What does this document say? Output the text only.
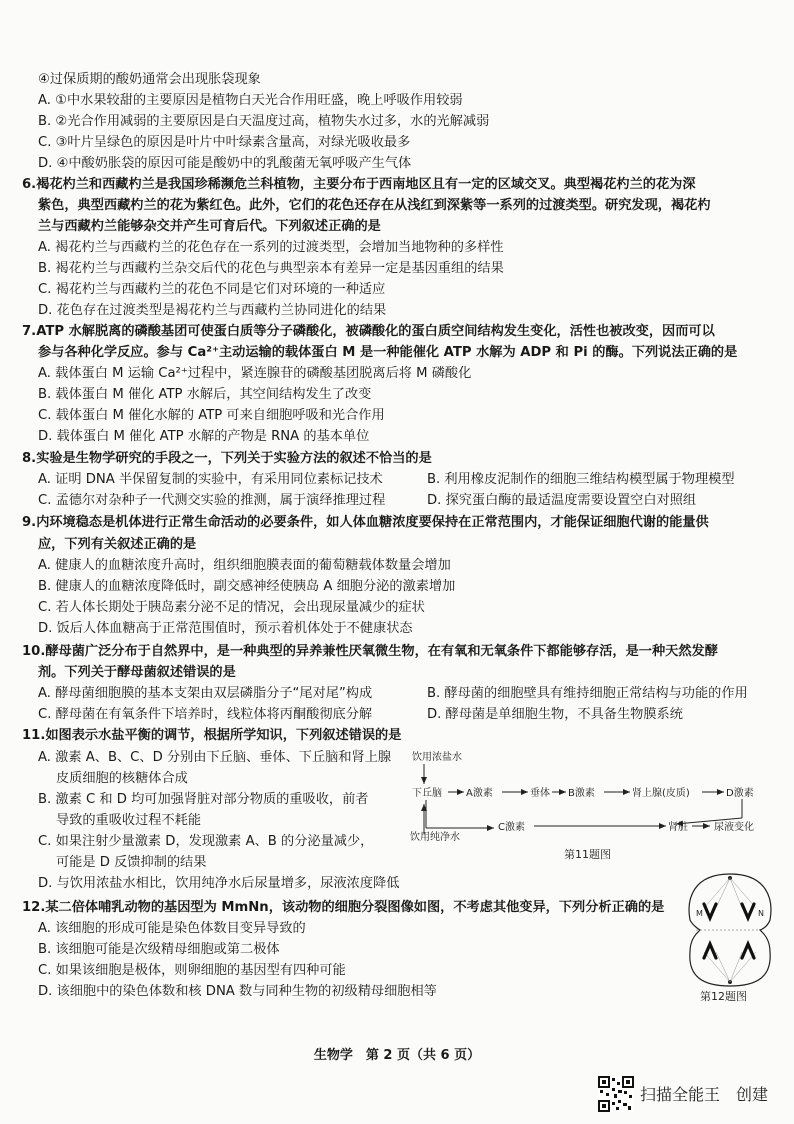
④过保质期的酸奶通常会出现胀袋现象
A. ①中水果较甜的主要原因是植物白天光合作用旺盛，晚上呼吸作用较弱
B. ②光合作用减弱的主要原因是白天温度过高，植物失水过多，水的光解减弱
C. ③叶片呈绿色的原因是叶片中叶绿素含量高，对绿光吸收最多
D. ④中酸奶胀袋的原因可能是酸奶中的乳酸菌无氧呼吸产生气体
6.褐花杓兰和西藏杓兰是我国珍稀濒危兰科植物，主要分布于西南地区且有一定的区域交叉。典型褐花杓兰的花为深
紫色，典型西藏杓兰的花为紫红色。此外，它们的花色还存在从浅红到深紫等一系列的过渡类型。研究发现，褐花杓
兰与西藏杓兰能够杂交并产生可育后代。下列叙述正确的是
A. 褐花杓兰与西藏杓兰的花色存在一系列的过渡类型，会增加当地物种的多样性
B. 褐花杓兰与西藏杓兰杂交后代的花色与典型亲本有差异一定是基因重组的结果
C. 褐花杓兰与西藏杓兰的花色不同是它们对环境的一种适应
D. 花色存在过渡类型是褐花杓兰与西藏杓兰协同进化的结果
7.ATP 水解脱离的磷酸基团可使蛋白质等分子磷酸化，被磷酸化的蛋白质空间结构发生变化，活性也被改变，因而可以
参与各种化学反应。参与 Ca²⁺主动运输的载体蛋白 M 是一种能催化 ATP 水解为 ADP 和 Pi 的酶。下列说法正确的是
A. 载体蛋白 M 运输 Ca²⁺过程中，紧连腺苷的磷酸基团脱离后将 M 磷酸化
B. 载体蛋白 M 催化 ATP 水解后，其空间结构发生了改变
C. 载体蛋白 M 催化水解的 ATP 可来自细胞呼吸和光合作用
D. 载体蛋白 M 催化 ATP 水解的产物是 RNA 的基本单位
8.实验是生物学研究的手段之一，下列关于实验方法的叙述不恰当的是
A. 证明 DNA 半保留复制的实验中，有采用同位素标记技术	B. 利用橡皮泥制作的细胞三维结构模型属于物理模型
C. 孟德尔对杂种子一代测交实验的推测，属于演绎推理过程	D. 探究蛋白酶的最适温度需要设置空白对照组
9.内环境稳态是机体进行正常生命活动的必要条件，如人体血糖浓度要保持在正常范围内，才能保证细胞代谢的能量供
应，下列有关叙述正确的是
A. 健康人的血糖浓度升高时，组织细胞膜表面的葡萄糖载体数量会增加
B. 健康人的血糖浓度降低时，副交感神经使胰岛 A 细胞分泌的激素增加
C. 若人体长期处于胰岛素分泌不足的情况，会出现尿量减少的症状
D. 饭后人体血糖高于正常范围值时，预示着机体处于不健康状态
10.酵母菌广泛分布于自然界中，是一种典型的异养兼性厌氧微生物，在有氧和无氧条件下都能够存活，是一种天然发酵
剂。下列关于酵母菌叙述错误的是
A. 酵母菌细胞膜的基本支架由双层磷脂分子“尾对尾”构成	B. 酵母菌的细胞壁具有维持细胞正常结构与功能的作用
C. 酵母菌在有氧条件下培养时，线粒体将丙酮酸彻底分解	D. 酵母菌是单细胞生物，不具备生物膜系统
11.如图表示水盐平衡的调节，根据所学知识，下列叙述错误的是
A. 激素 A、B、C、D 分别由下丘脑、垂体、下丘脑和肾上腺
皮质细胞的核糖体合成
B. 激素 C 和 D 均可加强肾脏对部分物质的重吸收，前者
导致的重吸收过程不耗能
C. 如果注射少量激素 D，发现激素 A、B 的分泌量减少，
可能是 D 反馈抑制的结果
D. 与饮用浓盐水相比，饮用纯净水后尿量增多，尿液浓度降低
12.某二倍体哺乳动物的基因型为 MmNn，该动物的细胞分裂图像如图，不考虑其他变异，下列分析正确的是
A. 该细胞的形成可能是染色体数目变异导致的
B. 该细胞可能是次级精母细胞或第二极体
C. 如果该细胞是极体，则卵细胞的基因型有四种可能
D. 该细胞中的染色体数和核 DNA 数与同种生物的初级精母细胞相等
饮用浓盐水
下丘脑 A激素	垂体 B激素	肾上腺(皮质)	D激素
C激素	肾脏	尿液变化
饮用纯净水
第11题图
M	N
第12题图
生物学　第 2 页（共 6 页）
扫描全能王　创建
